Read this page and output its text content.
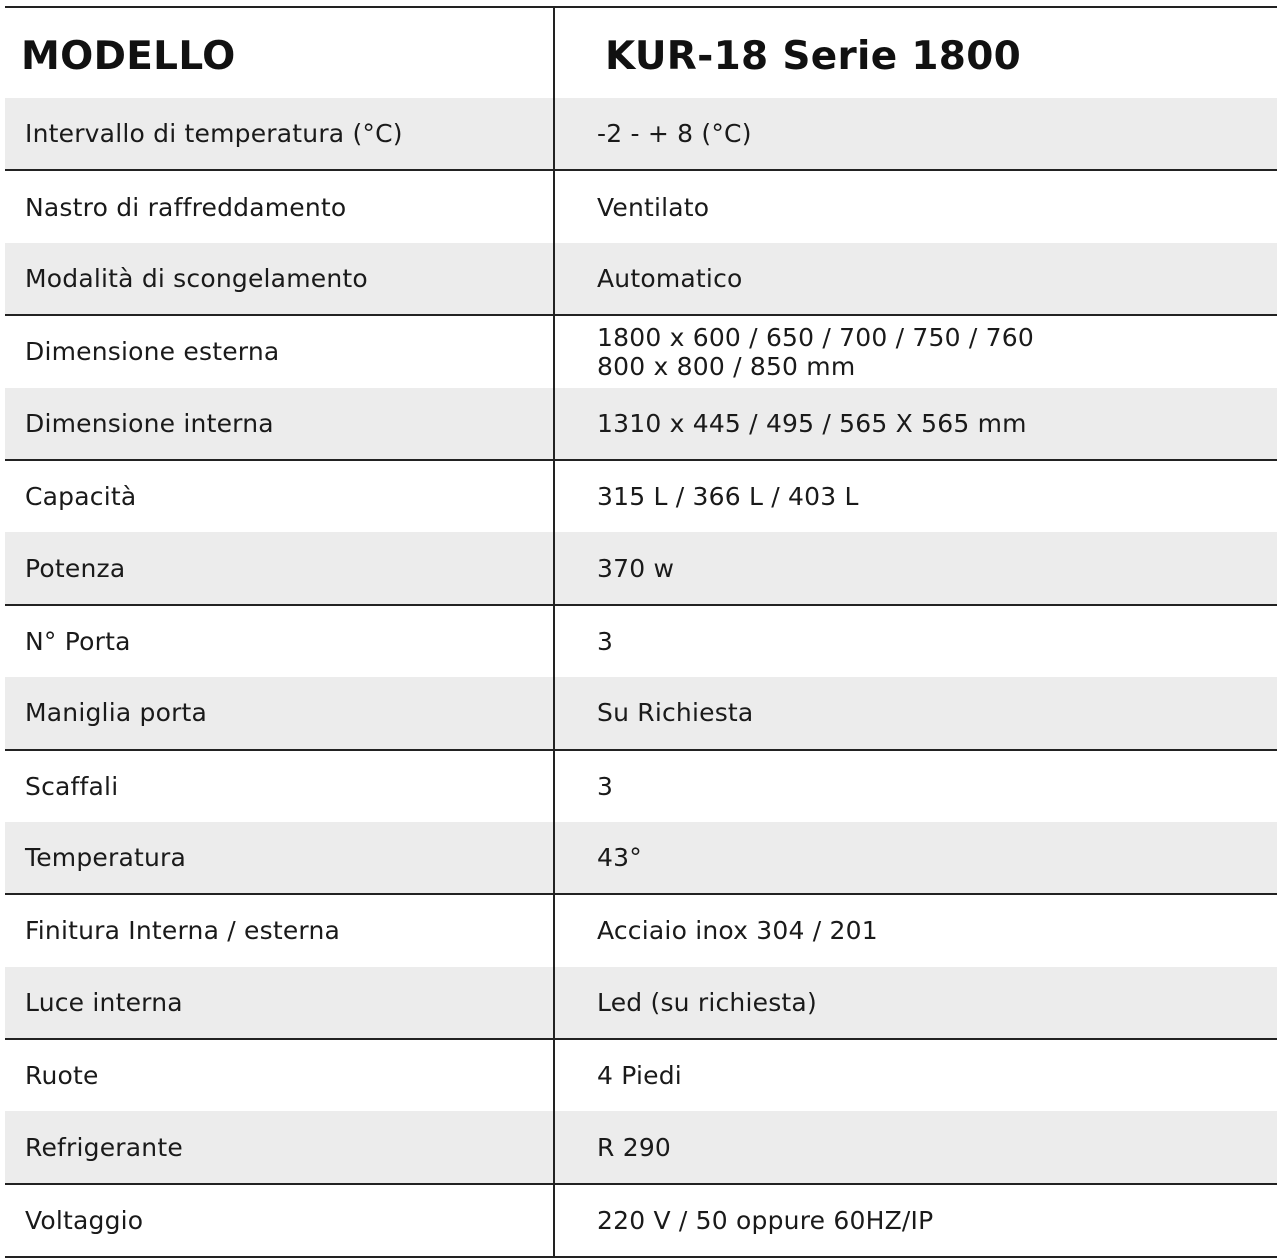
MODELLO	KUR-18 Serie 1800
Intervallo di temperatura (°C)	-2 - + 8 (°C)
Nastro di raffreddamento	Ventilato
Modalità di scongelamento	Automatico
Dimensione esterna	1800 x 600 / 650 / 700 / 750 / 760
800 x 800 / 850 mm
Dimensione interna	1310 x 445 / 495 / 565 X 565 mm
Capacità	315 L / 366 L / 403 L
Potenza	370 w
N° Porta	3
Maniglia porta	Su Richiesta
Scaffali	3
Temperatura	43°
Finitura Interna / esterna	Acciaio inox 304 / 201
Luce interna	Led (su richiesta)
Ruote	4 Piedi
Refrigerante	R 290
Voltaggio	220 V / 50 oppure 60HZ/IP
